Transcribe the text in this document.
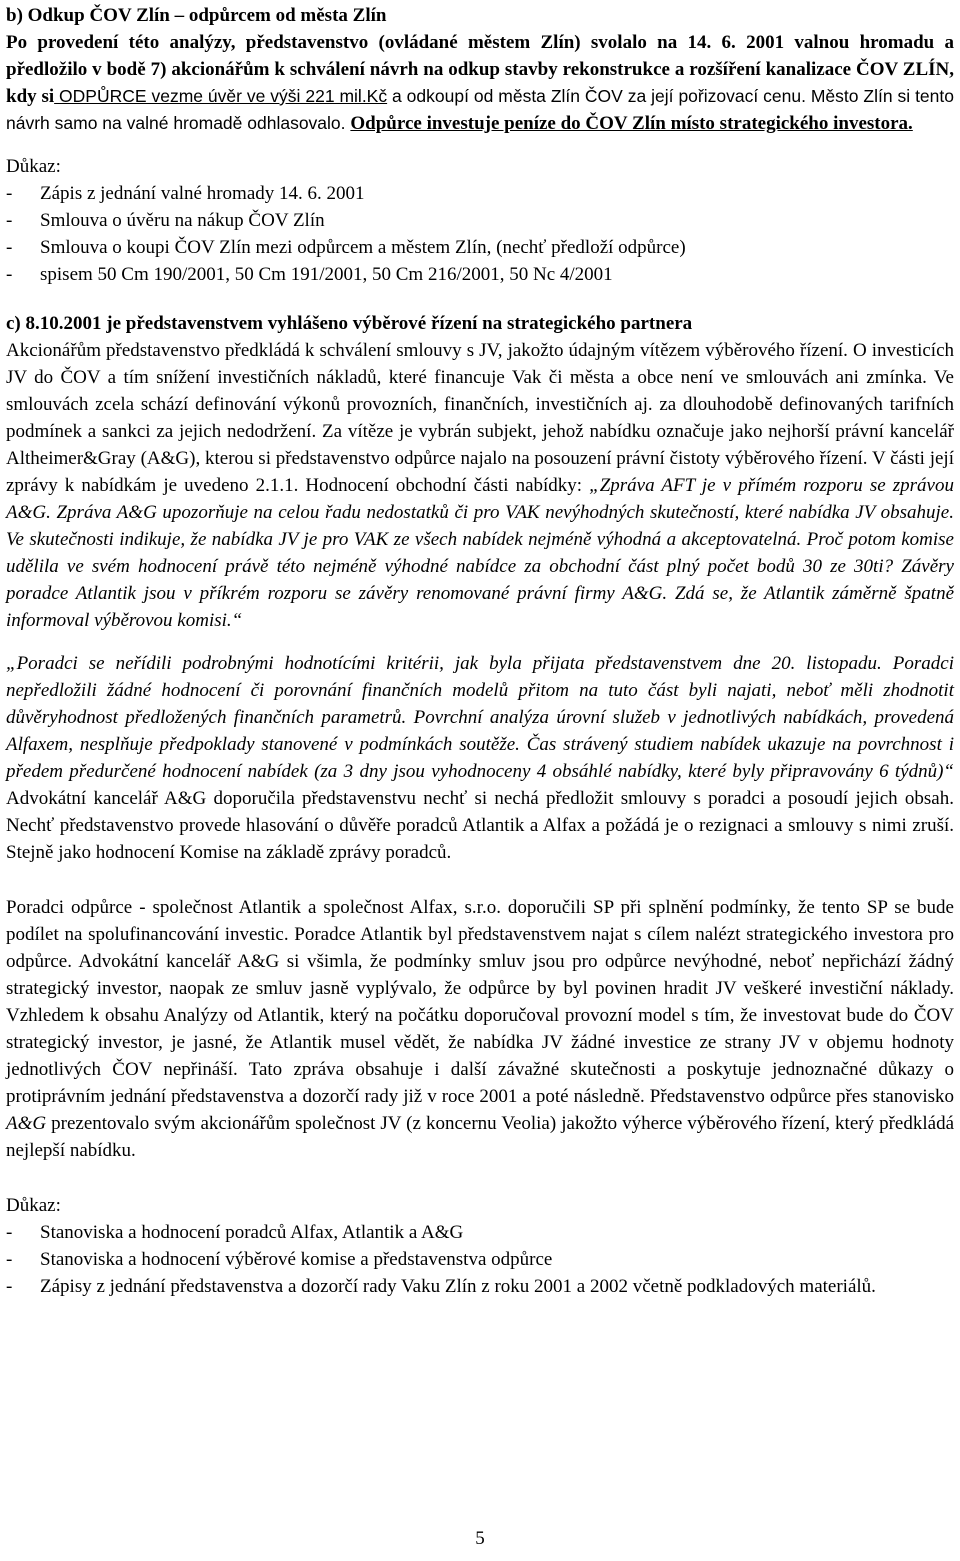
b) Odkup ČOV Zlín – odpůrcem od města Zlín

Po provedení této analýzy, představenstvo (ovládané městem Zlín) svolalo na 14. 6. 2001 valnou hromadu a předložilo v bodě 7) akcionářům k schválení návrh na odkup stavby rekonstrukce a rozšíření kanalizace ČOV ZLÍN, kdy si ODPŮRCE vezme úvěr ve výši 221 mil.Kč a odkoupí od města Zlín ČOV za její pořizovací cenu. Město Zlín si tento návrh samo na valné hromadě odhlasovalo. Odpůrce investuje peníze do ČOV Zlín místo strategického investora.

Důkaz:

- Zápis z jednání valné hromady 14. 6. 2001
- Smlouva o úvěru na nákup ČOV Zlín
- Smlouva o koupi ČOV Zlín mezi odpůrcem a městem Zlín, (nechť předloží odpůrce)
- spisem 50 Cm 190/2001, 50 Cm 191/2001, 50 Cm 216/2001, 50 Nc 4/2001

c) 8.10.2001 je představenstvem vyhlášeno výběrové řízení na strategického partnera

Akcionářům představenstvo předkládá k schválení smlouvy s JV, jakožto údajným vítězem výběrového řízení. O investicích JV do ČOV a tím snížení investičních nákladů, které financuje Vak či města a obce není ve smlouvách ani zmínka. Ve smlouvách zcela schází definování výkonů provozních, finančních, investičních aj. za dlouhodobě definovaných tarifních podmínek a sankci za jejich nedodržení. Za vítěze je vybrán subjekt, jehož nabídku označuje jako nejhorší právní kancelář Altheimer&Gray (A&G), kterou si představenstvo odpůrce najalo na posouzení právní čistoty výběrového řízení. V části její zprávy k nabídkám je uvedeno 2.1.1. Hodnocení obchodní části nabídky: „Zpráva AFT je v přímém rozporu se zprávou A&G. Zpráva A&G upozorňuje na celou řadu nedostatků či pro VAK nevýhodných skutečností, které nabídka JV obsahuje. Ve skutečnosti indikuje, že nabídka JV je pro VAK ze všech nabídek nejméně výhodná a akceptovatelná. Proč potom komise udělila ve svém hodnocení právě této nejméně výhodné nabídce za obchodní část plný počet bodů 30 ze 30ti? Závěry poradce Atlantik jsou v příkrém rozporu se závěry renomované právní firmy A&G. Zdá se, že Atlantik záměrně špatně informoval výběrovou komisi.“

„Poradci se neřídili podrobnými hodnotícími kritérii, jak byla přijata představenstvem dne 20. listopadu. Poradci nepředložili žádné hodnocení či porovnání finančních modelů přitom na tuto část byli najati, neboť měli zhodnotit důvěryhodnost předložených finančních parametrů. Povrchní analýza úrovní služeb v jednotlivých nabídkách, provedená Alfaxem, nesplňuje předpoklady stanovené v podmínkách soutěže. Čas strávený studiem nabídek ukazuje na povrchnost i předem předurčené hodnocení nabídek (za 3 dny jsou vyhodnoceny 4 obsáhlé nabídky, které byly připravovány 6 týdnů)“ Advokátní kancelář A&G doporučila představenstvu nechť si nechá předložit smlouvy s poradci a posoudí jejich obsah. Nechť představenstvo provede hlasování o důvěře poradců Atlantik a Alfax a požádá je o rezignaci a smlouvy s nimi zruší. Stejně jako hodnocení Komise na základě zprávy poradců.

Poradci odpůrce - společnost Atlantik a společnost Alfax, s.r.o. doporučili SP při splnění podmínky, že tento SP se bude podílet na spolufinancování investic. Poradce Atlantik byl představenstvem najat s cílem nalézt strategického investora pro odpůrce. Advokátní kancelář A&G si všimla, že podmínky smluv jsou pro odpůrce nevýhodné, neboť nepřichází žádný strategický investor, naopak ze smluv jasně vyplývalo, že odpůrce by byl povinen hradit JV veškeré investiční náklady. Vzhledem k obsahu Analýzy od Atlantik, který na počátku doporučoval provozní model s tím, že investovat bude do ČOV strategický investor, je jasné, že Atlantik musel vědět, že nabídka JV žádné investice ze strany JV v objemu hodnoty jednotlivých ČOV nepřináší. Tato zpráva obsahuje i další závažné skutečnosti a poskytuje jednoznačné důkazy o protiprávním jednání představenstva a dozorčí rady již v roce 2001 a poté následně. Představenstvo odpůrce přes stanovisko A&G prezentovalo svým akcionářům společnost JV (z koncernu Veolia) jakožto výherce výběrového řízení, který předkládá nejlepší nabídku.

Důkaz:

- Stanoviska a hodnocení poradců Alfax, Atlantik a A&G
- Stanoviska a hodnocení výběrové komise a představenstva odpůrce
- Zápisy z jednání představenstva a dozorčí rady Vaku Zlín z roku 2001 a 2002 včetně podkladových materiálů.
5
